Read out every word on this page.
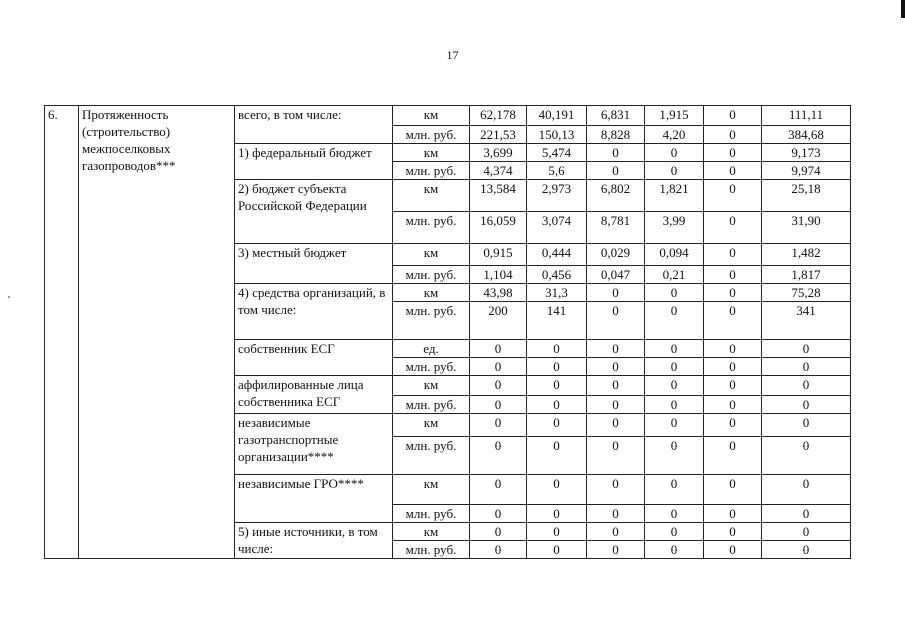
17
6.	Протяженность (строительство) межпоселковых газопроводов***	всего, в том числе:	км	62,178	40,191	6,831	1,915	0	111,11
			млн. руб.	221,53	150,13	8,828	4,20	0	384,68
		1) федеральный бюджет	км	3,699	5,474	0	0	0	9,173
			млн. руб.	4,374	5,6	0	0	0	9,974
		2) бюджет субъекта Российской Федерации	км	13,584	2,973	6,802	1,821	0	25,18
			млн. руб.	16,059	3,074	8,781	3,99	0	31,90
		3) местный бюджет	км	0,915	0,444	0,029	0,094	0	1,482
			млн. руб.	1,104	0,456	0,047	0,21	0	1,817
		4) средства организаций, в том числе:	км	43,98	31,3	0	0	0	75,28
			млн. руб.	200	141	0	0	0	341
		собственник ЕСГ	ед.	0	0	0	0	0	0
			млн. руб.	0	0	0	0	0	0
		аффилированные лица собственника ЕСГ	км	0	0	0	0	0	0
			млн. руб.	0	0	0	0	0	0
		независимые газотранспортные организации****	км	0	0	0	0	0	0
			млн. руб.	0	0	0	0	0	0
		независимые ГРО****	км	0	0	0	0	0	0
			млн. руб.	0	0	0	0	0	0
		5) иные источники, в том числе:	км	0	0	0	0	0	0
			млн. руб.	0	0	0	0	0	0
